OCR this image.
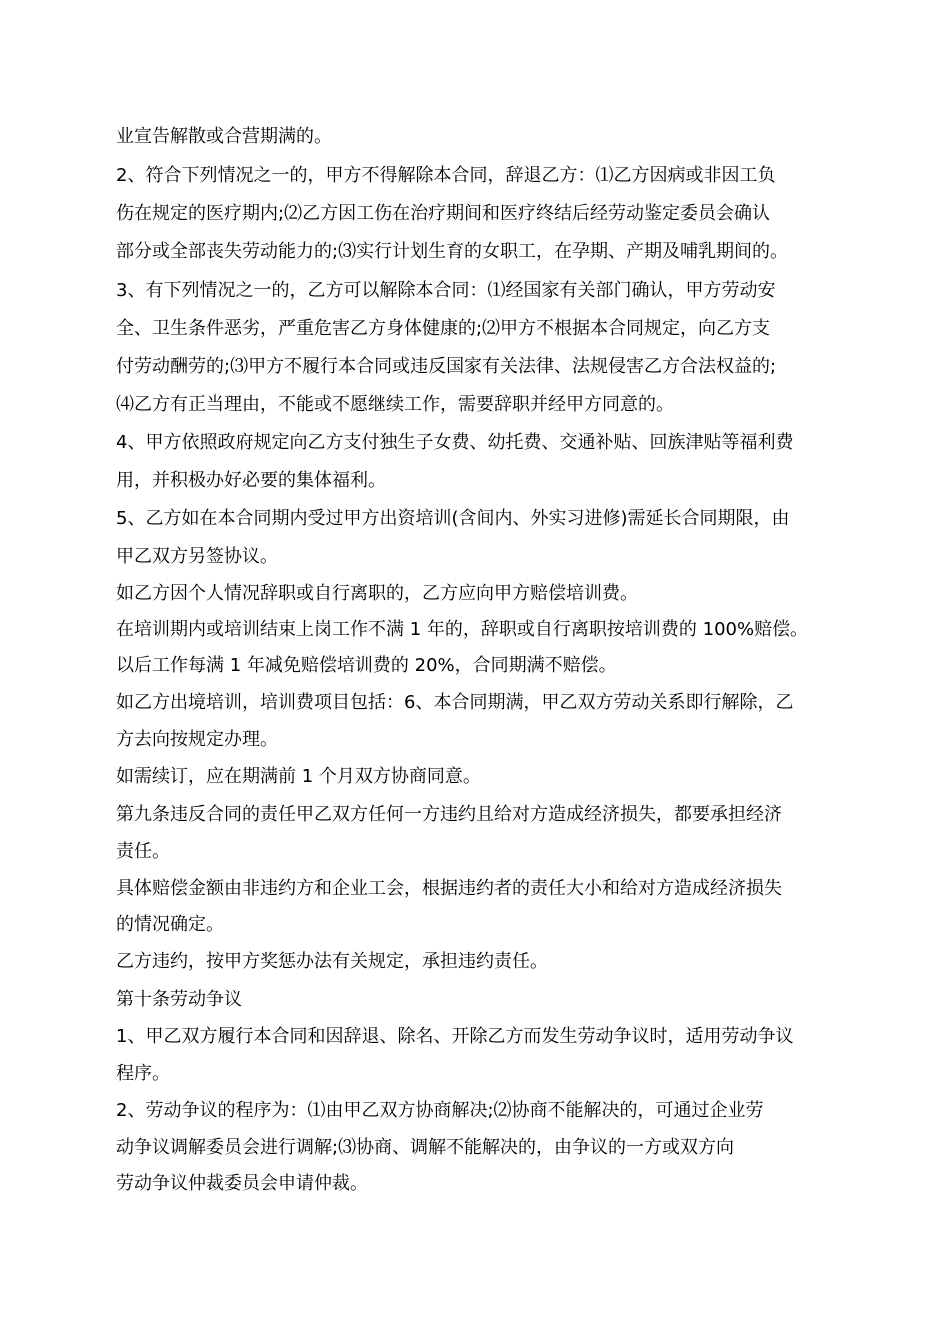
业宣告解散或合营期满的。
2、符合下列情况之一的，甲方不得解除本合同，辞退乙方：⑴乙方因病或非因工负
伤在规定的医疗期内;⑵乙方因工伤在治疗期间和医疗终结后经劳动鉴定委员会确认
部分或全部丧失劳动能力的;⑶实行计划生育的女职工，在孕期、产期及哺乳期间的。
3、有下列情况之一的，乙方可以解除本合同：⑴经国家有关部门确认，甲方劳动安
全、卫生条件恶劣，严重危害乙方身体健康的;⑵甲方不根据本合同规定，向乙方支
付劳动酬劳的;⑶甲方不履行本合同或违反国家有关法律、法规侵害乙方合法权益的;
⑷乙方有正当理由，不能或不愿继续工作，需要辞职并经甲方同意的。
4、甲方依照政府规定向乙方支付独生子女费、幼托费、交通补贴、回族津贴等福利费
用，并积极办好必要的集体福利。
5、乙方如在本合同期内受过甲方出资培训(含间内、外实习进修)需延长合同期限，由
甲乙双方另签协议。
如乙方因个人情况辞职或自行离职的，乙方应向甲方赔偿培训费。
在培训期内或培训结束上岗工作不满 1 年的，辞职或自行离职按培训费的 100%赔偿。
以后工作每满 1 年减免赔偿培训费的 20%，合同期满不赔偿。
如乙方出境培训，培训费项目包括：6、本合同期满，甲乙双方劳动关系即行解除，乙
方去向按规定办理。
如需续订，应在期满前 1 个月双方协商同意。
第九条违反合同的责任甲乙双方任何一方违约且给对方造成经济损失，都要承担经济
责任。
具体赔偿金额由非违约方和企业工会，根据违约者的责任大小和给对方造成经济损失
的情况确定。
乙方违约，按甲方奖惩办法有关规定，承担违约责任。
第十条劳动争议
1、甲乙双方履行本合同和因辞退、除名、开除乙方而发生劳动争议时，适用劳动争议
程序。
2、劳动争议的程序为：⑴由甲乙双方协商解决;⑵协商不能解决的，可通过企业劳
动争议调解委员会进行调解;⑶协商、调解不能解决的，由争议的一方或双方向
劳动争议仲裁委员会申请仲裁。
